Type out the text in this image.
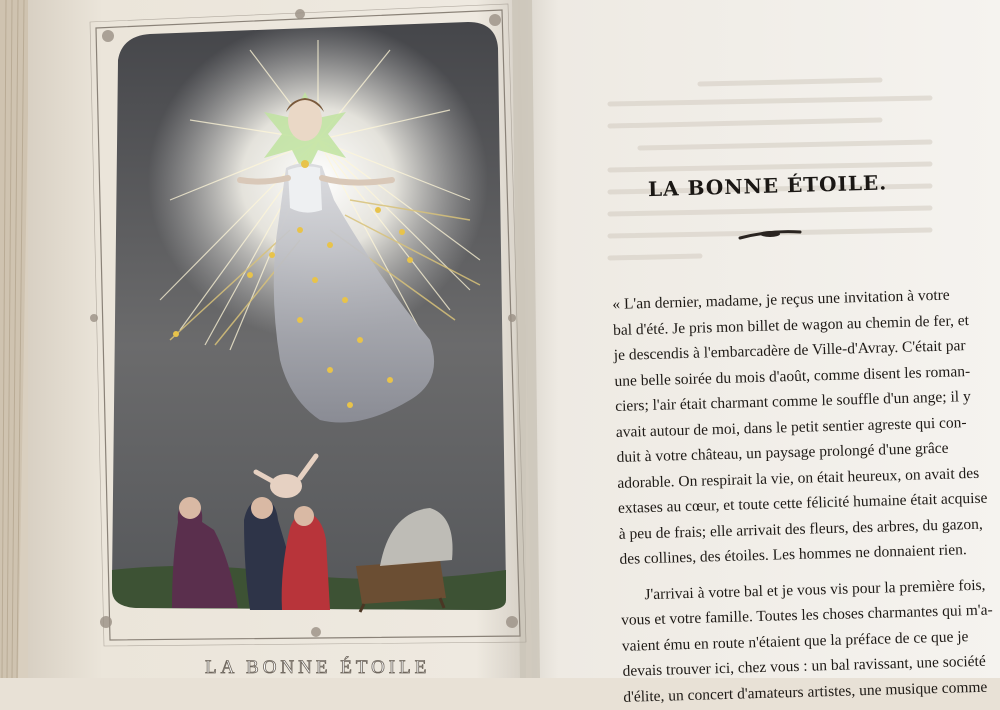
LA BONNE ÉTOILE.
« L'an dernier, madame, je reçus une invitation à votre
bal d'été. Je pris mon billet de wagon au chemin de fer, et
je descendis à l'embarcadère de Ville-d'Avray. C'était par
une belle soirée du mois d'août, comme disent les roman-
ciers; l'air était charmant comme le souffle d'un ange; il y
avait autour de moi, dans le petit sentier agreste qui con-
duit à votre château, un paysage prolongé d'une grâce
adorable. On respirait la vie, on était heureux, on avait des
extases au cœur, et toute cette félicité humaine était acquise
à peu de frais; elle arrivait des fleurs, des arbres, du gazon,
des collines, des étoiles. Les hommes ne donnaient rien.
J'arrivai à votre bal et je vous vis pour la première fois,
vous et votre famille. Toutes les choses charmantes qui m'a-
vaient ému en route n'étaient que la préface de ce que je
devais trouver ici, chez vous : un bal ravissant, une société
d'élite, un concert d'amateurs artistes, une musique comme
LA BONNE ÉTOILE
